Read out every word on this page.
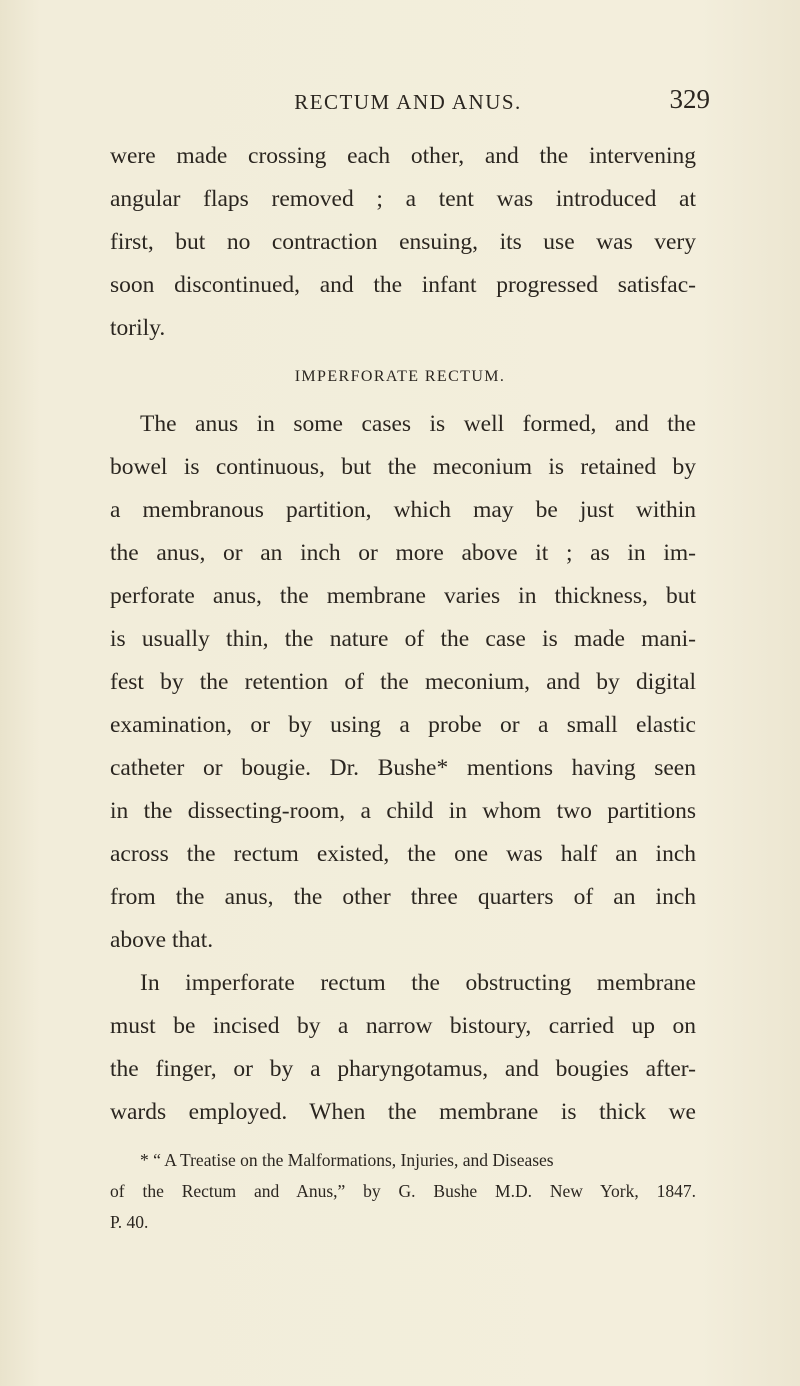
RECTUM AND ANUS.	329
were made crossing each other, and the intervening
angular flaps removed ; a tent was introduced at
first, but no contraction ensuing, its use was very
soon discontinued, and the infant progressed satisfac-
torily.
IMPERFORATE RECTUM.
The anus in some cases is well formed, and the
bowel is continuous, but the meconium is retained by
a membranous partition, which may be just within
the anus, or an inch or more above it ; as in im-
perforate anus, the membrane varies in thickness, but
is usually thin, the nature of the case is made mani-
fest by the retention of the meconium, and by digital
examination, or by using a probe or a small elastic
catheter or bougie. Dr. Bushe* mentions having seen
in the dissecting-room, a child in whom two partitions
across the rectum existed, the one was half an inch
from the anus, the other three quarters of an inch
above that.
In imperforate rectum the obstructing membrane
must be incised by a narrow bistoury, carried up on
the finger, or by a pharyngotamus, and bougies after-
wards employed. When the membrane is thick we
* “ A Treatise on the Malformations, Injuries, and Diseases
of the Rectum and Anus,” by G. Bushe M.D. New York, 1847.
P. 40.
